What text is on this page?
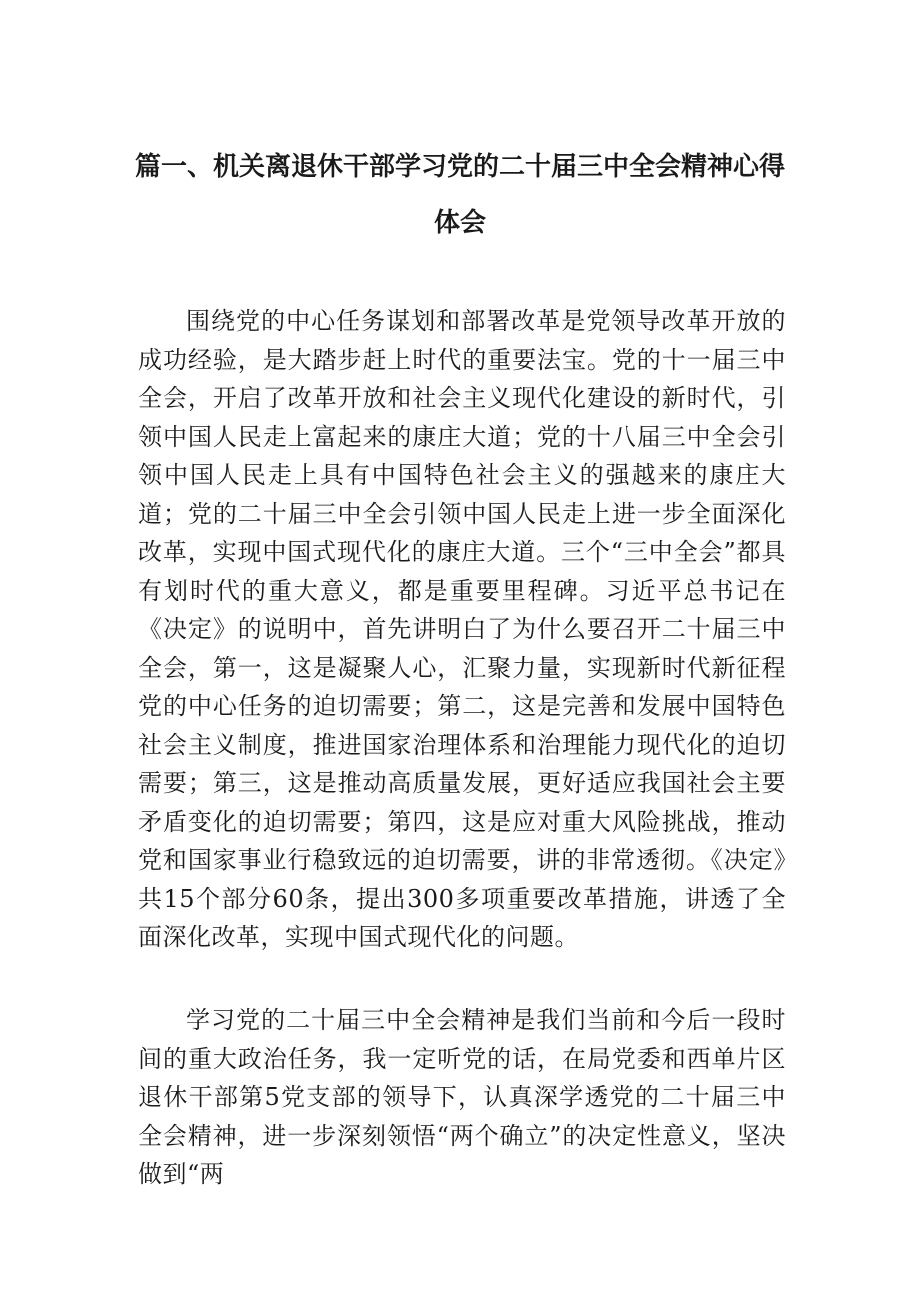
篇一、机关离退休干部学习党的二十届三中全会精神心得
体会

围绕党的中心任务谋划和部署改革是党领导改革开放的成功经验，是大踏步赶上时代的重要法宝。党的十一届三中全会，开启了改革开放和社会主义现代化建设的新时代，引领中国人民走上富起来的康庄大道；党的十八届三中全会引领中国人民走上具有中国特色社会主义的强越来的康庄大道；党的二十届三中全会引领中国人民走上进一步全面深化改革，实现中国式现代化的康庄大道。三个“三中全会”都具有划时代的重大意义，都是重要里程碑。习近平总书记在《决定》的说明中，首先讲明白了为什么要召开二十届三中全会，第一，这是凝聚人心，汇聚力量，实现新时代新征程党的中心任务的迫切需要；第二，这是完善和发展中国特色社会主义制度，推进国家治理体系和治理能力现代化的迫切需要；第三，这是推动高质量发展，更好适应我国社会主要矛盾变化的迫切需要；第四，这是应对重大风险挑战，推动党和国家事业行稳致远的迫切需要，讲的非常透彻。《决定》共15个部分60条，提出300多项重要改革措施，讲透了全面深化改革，实现中国式现代化的问题。

学习党的二十届三中全会精神是我们当前和今后一段时间的重大政治任务，我一定听党的话，在局党委和西单片区退休干部第5党支部的领导下，认真深学透党的二十届三中全会精神，进一步深刻领悟“两个确立”的决定性意义，坚决做到“两
